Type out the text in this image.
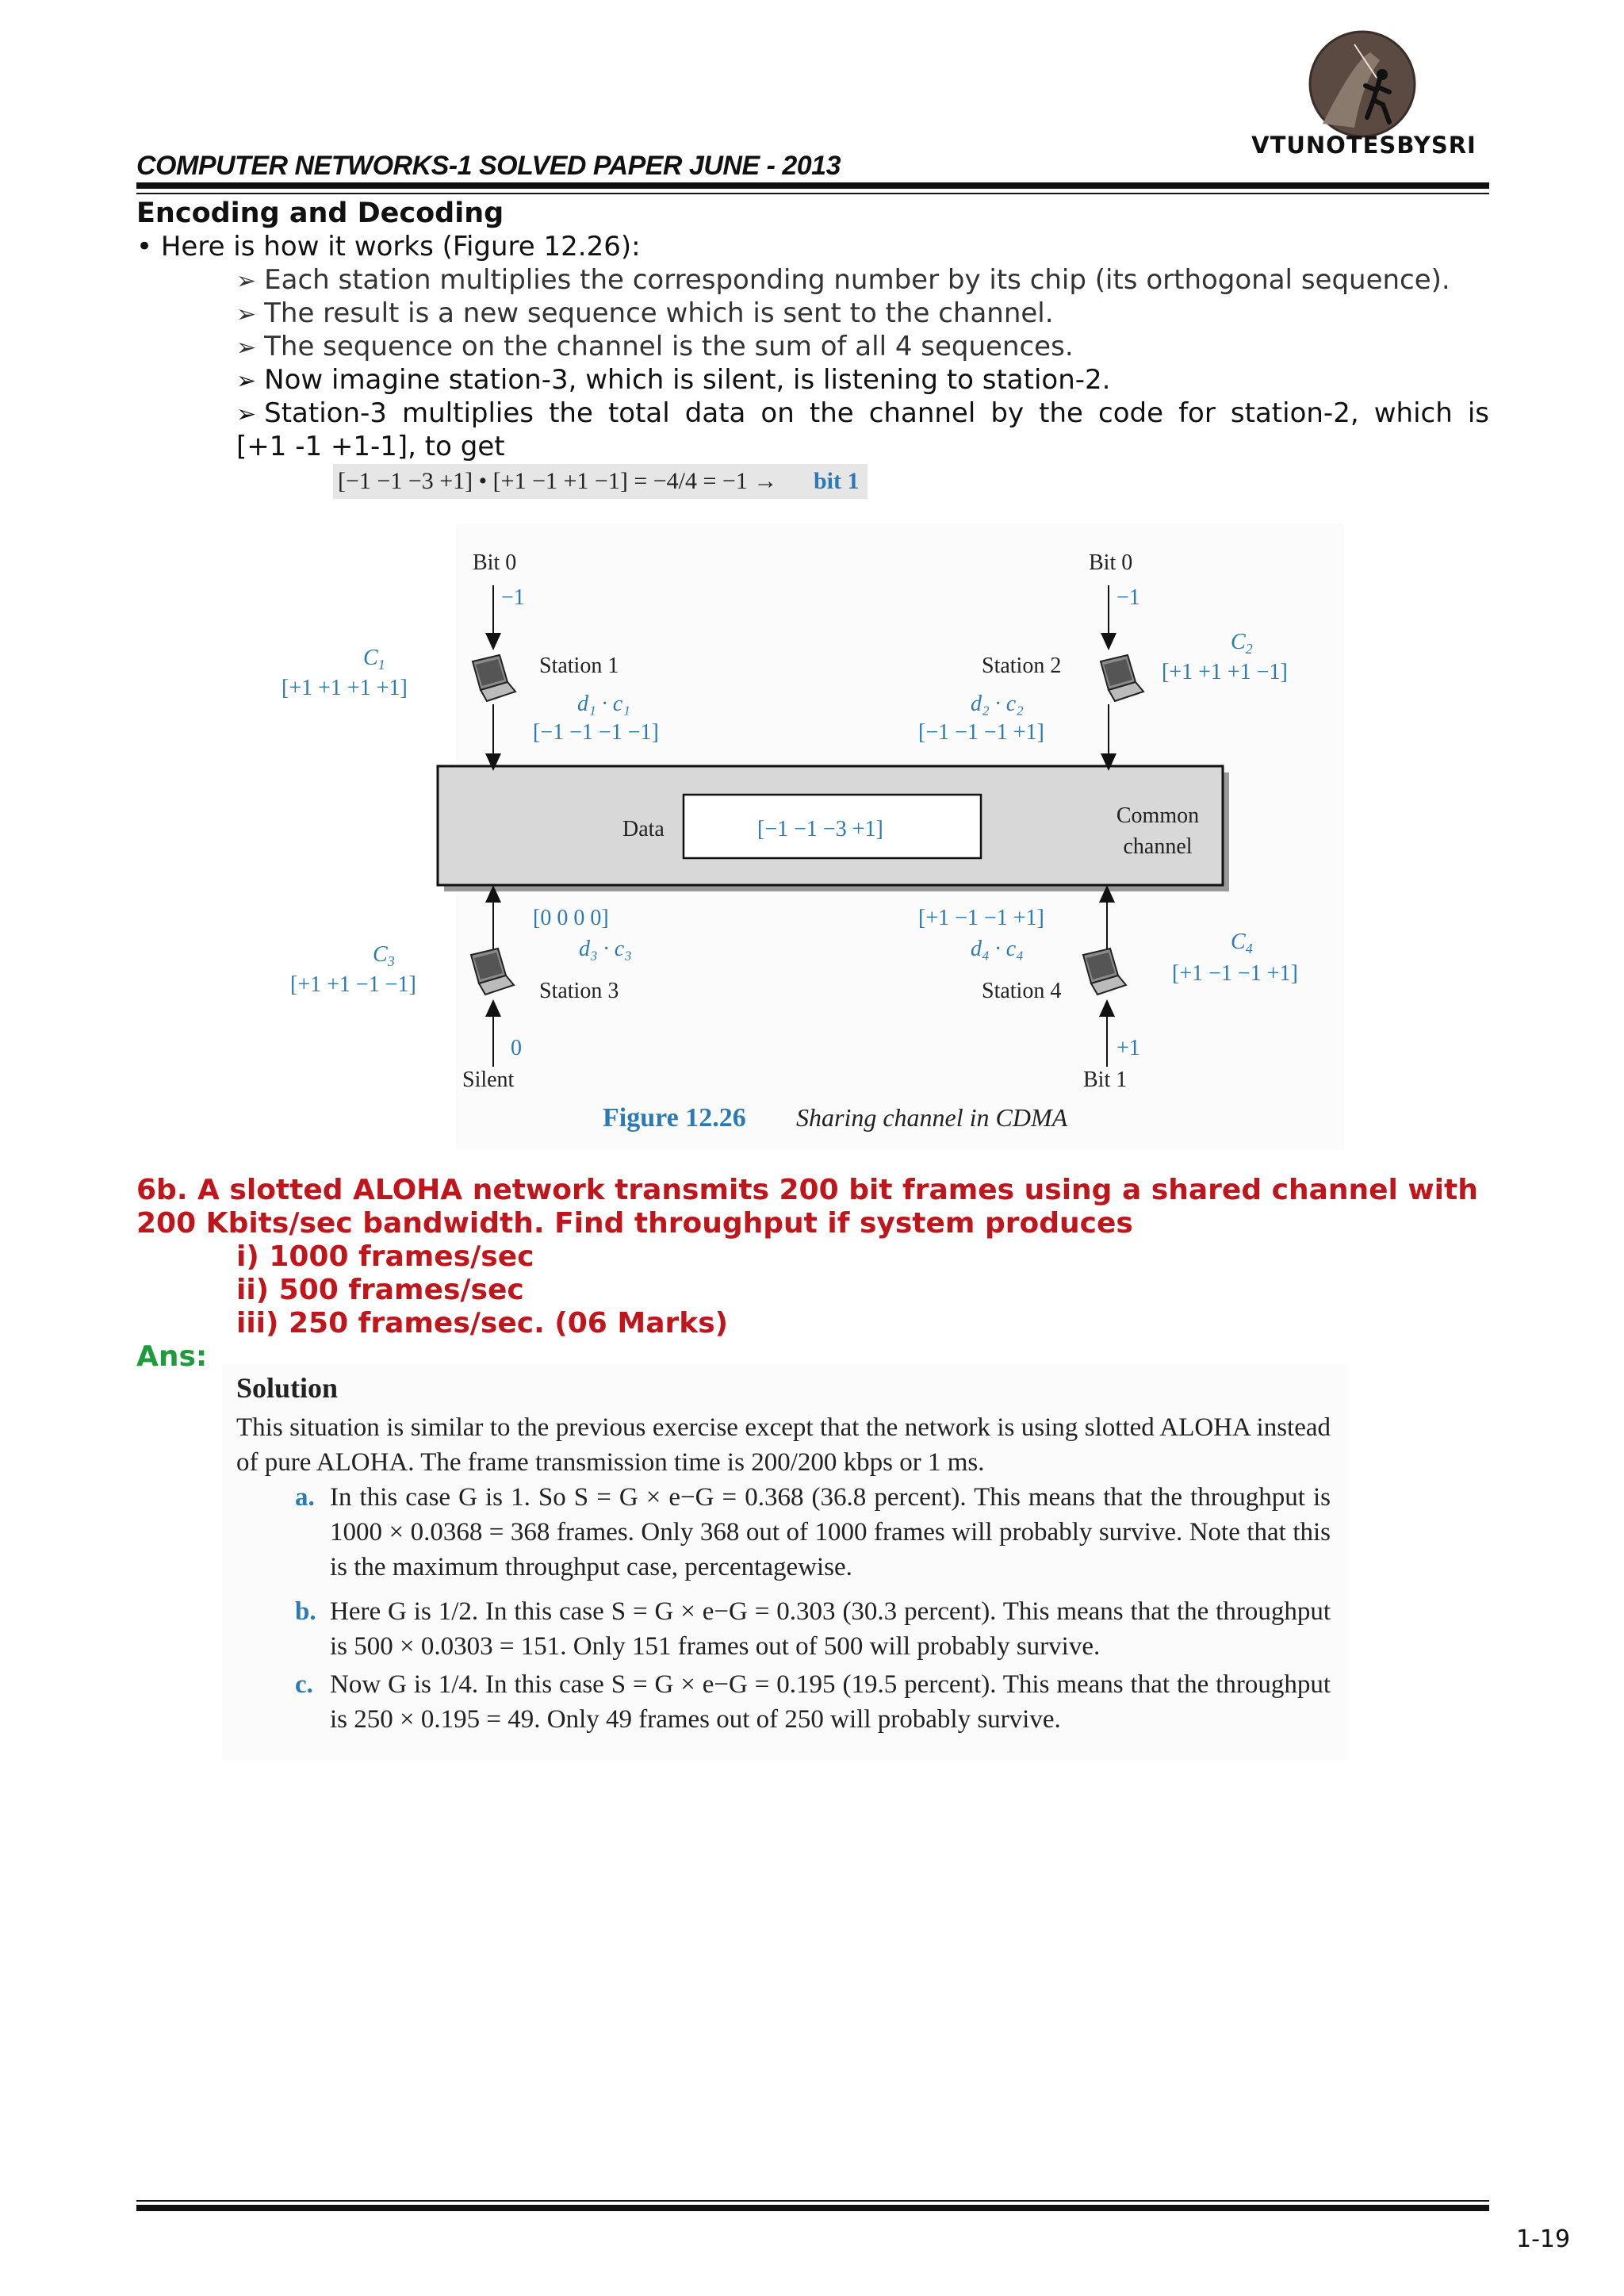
VTUNOTESBYSRI
COMPUTER NETWORKS-1 SOLVED PAPER JUNE - 2013
Encoding and Decoding
• Here is how it works (Figure 12.26):
➢ Each station multiplies the corresponding number by its chip (its orthogonal sequence).
➢ The result is a new sequence which is sent to the channel.
➢ The sequence on the channel is the sum of all 4 sequences.
➢ Now imagine station-3, which is silent, is listening to station-2.
➢ Station-3 multiplies the total data on the channel by the code for station-2, which is
[+1 -1 +1-1], to get
[−1 −1 −3 +1] • [+1 −1 +1 −1] = −4/4 = −1 → bit 1
Data	[−1 −1 −3 +1]
Common
channel
Bit 0
−1
Station 1
$C_1$
[+1 +1 +1 +1]
d₁ · c₁
[−1 −1 −1 −1]
Bit 0
−1
Station 2
$C_2$
[+1 +1 +1 −1]
d₂ · c₂
[−1 −1 −1 +1]
[0 0 0 0]
d₃ · c₃
Station 3
$C_3$
[+1 +1 −1 −1]
0
Silent
[+1 −1 −1 +1]
d₄ · c₄
Station 4
$C_4$
[+1 −1 −1 +1]
+1
Bit 1
Figure 12.26 Sharing channel in CDMA
6b. A slotted ALOHA network transmits 200 bit frames using a shared channel with 200 Kbits/sec bandwidth. Find throughput if system produces
i) 1000 frames/sec
ii) 500 frames/sec
iii) 250 frames/sec. (06 Marks)
Ans:
Solution
This situation is similar to the previous exercise except that the network is using slotted ALOHA instead of pure ALOHA. The frame transmission time is 200/200 kbps or 1 ms.
a. In this case G is 1. So S = G × e−G = 0.368 (36.8 percent). This means that the throughput is 1000 × 0.0368 = 368 frames. Only 368 out of 1000 frames will probably survive. Note that this is the maximum throughput case, percentagewise.
b. Here G is 1/2. In this case S = G × e−G = 0.303 (30.3 percent). This means that the throughput is 500 × 0.0303 = 151. Only 151 frames out of 500 will probably survive.
c. Now G is 1/4. In this case S = G × e−G = 0.195 (19.5 percent). This means that the throughput is 250 × 0.195 = 49. Only 49 frames out of 250 will probably survive.
1-19
